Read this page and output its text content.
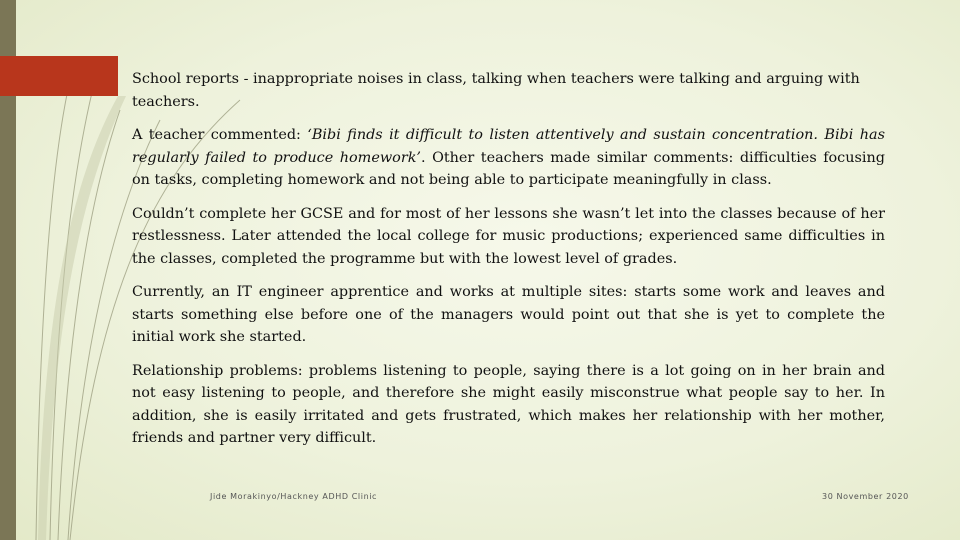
School reports - inappropriate noises in class, talking when teachers were talking and arguing with teachers.

A teacher commented: ‘Bibi finds it difficult to listen attentively and sustain concentration. Bibi has regularly failed to produce homework’. Other teachers made similar comments: difficulties focusing on tasks, completing homework and not being able to participate meaningfully in class.

Couldn’t complete her GCSE and for most of her lessons she wasn’t let into the classes because of her restlessness. Later attended the local college for music productions; experienced same difficulties in the classes, completed the programme but with the lowest level of grades.

Currently, an IT engineer apprentice and works at multiple sites: starts some work and leaves and starts something else before one of the managers would point out that she is yet to complete the initial work she started.

Relationship problems: problems listening to people, saying there is a lot going on in her brain and not easy listening to people, and therefore she might easily misconstrue what people say to her. In addition, she is easily irritated and gets frustrated, which makes her relationship with her mother, friends and partner very difficult.

Jide Morakinyo/Hackney ADHD Clinic	30 November 2020
